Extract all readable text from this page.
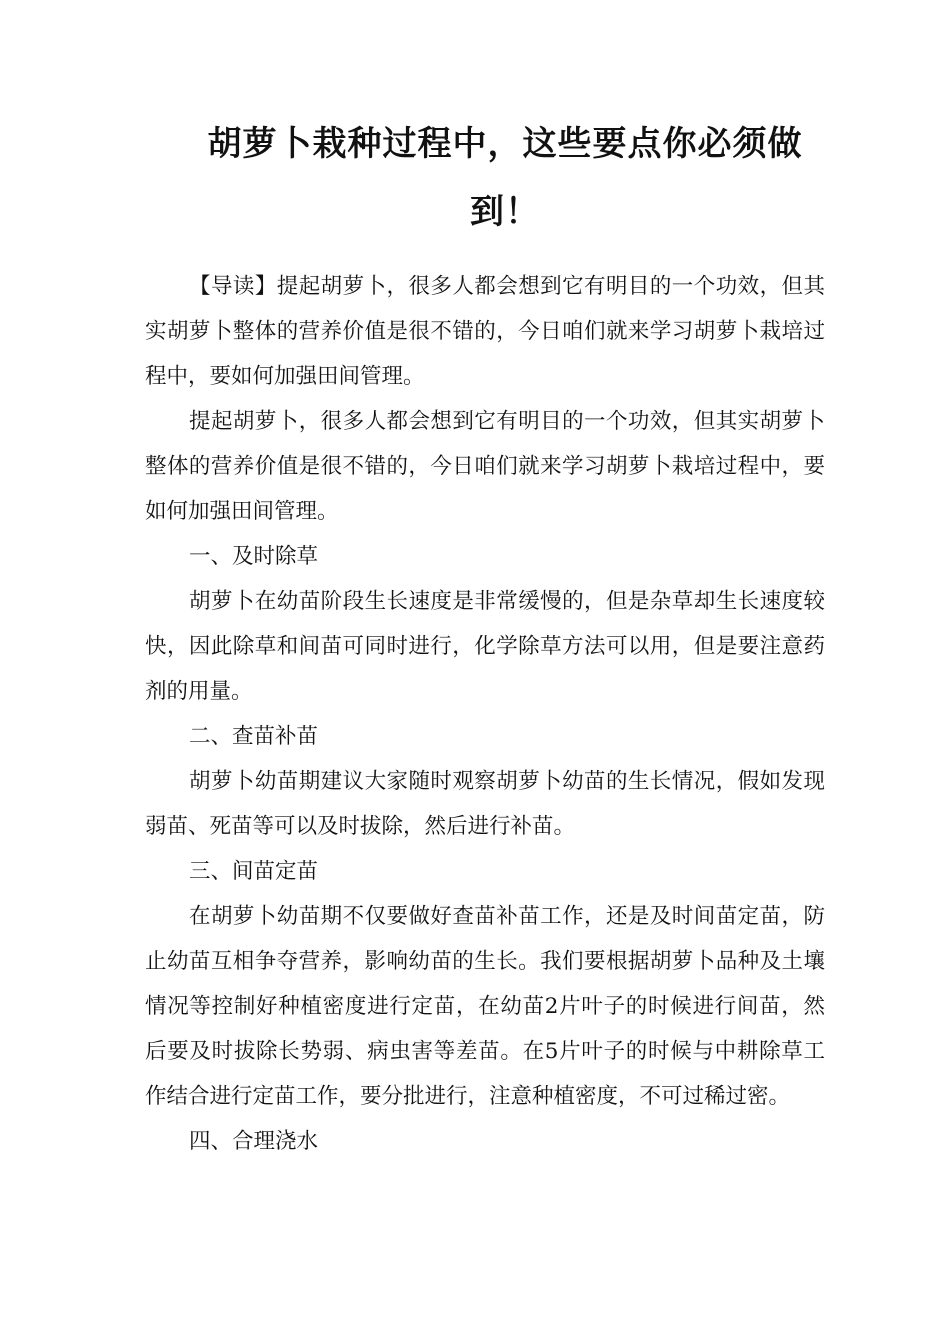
胡萝卜栽种过程中，这些要点你必须做到！

【导读】提起胡萝卜，很多人都会想到它有明目的一个功效，但其实胡萝卜整体的营养价值是很不错的，今日咱们就来学习胡萝卜栽培过程中，要如何加强田间管理。

提起胡萝卜，很多人都会想到它有明目的一个功效，但其实胡萝卜整体的营养价值是很不错的，今日咱们就来学习胡萝卜栽培过程中，要如何加强田间管理。

一、及时除草

胡萝卜在幼苗阶段生长速度是非常缓慢的，但是杂草却生长速度较快，因此除草和间苗可同时进行，化学除草方法可以用，但是要注意药剂的用量。

二、查苗补苗

胡萝卜幼苗期建议大家随时观察胡萝卜幼苗的生长情况，假如发现弱苗、死苗等可以及时拔除，然后进行补苗。

三、间苗定苗

在胡萝卜幼苗期不仅要做好查苗补苗工作，还是及时间苗定苗，防止幼苗互相争夺营养，影响幼苗的生长。我们要根据胡萝卜品种及土壤情况等控制好种植密度进行定苗，在幼苗2片叶子的时候进行间苗，然后要及时拔除长势弱、病虫害等差苗。在5片叶子的时候与中耕除草工作结合进行定苗工作，要分批进行，注意种植密度，不可过稀过密。

四、合理浇水
